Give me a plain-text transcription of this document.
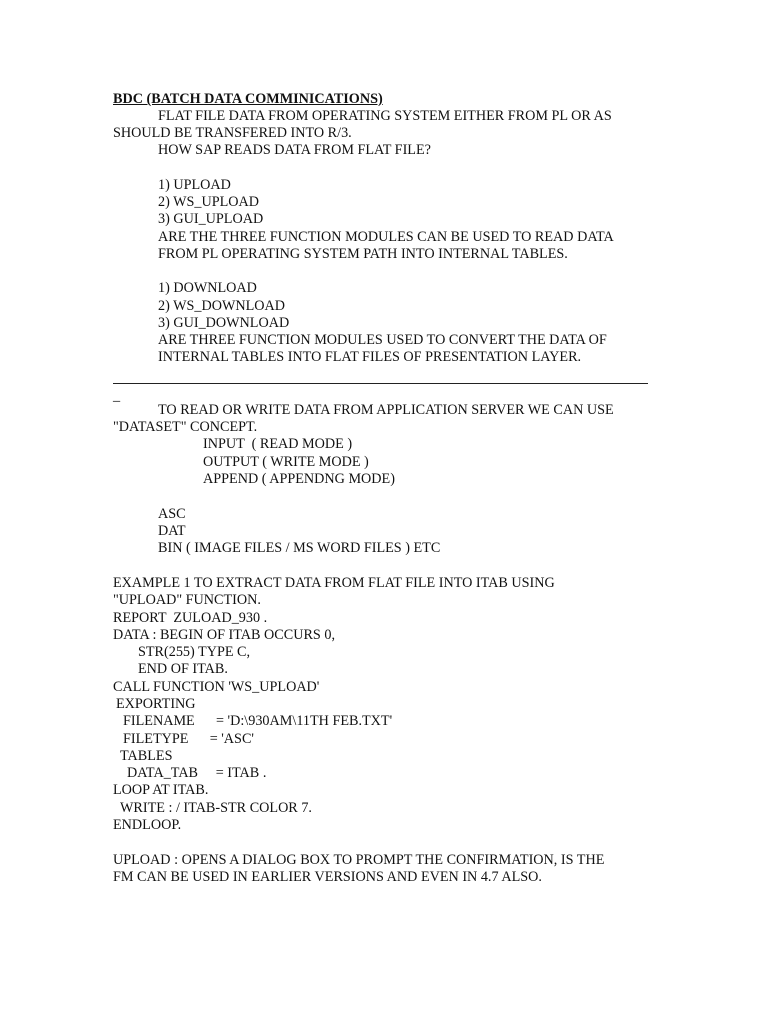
BDC (BATCH DATA COMMINICATIONS)
FLAT FILE DATA FROM OPERATING SYSTEM EITHER FROM PL OR AS
SHOULD BE TRANSFERED INTO R/3.
HOW SAP READS DATA FROM FLAT FILE?
1) UPLOAD
2) WS_UPLOAD
3) GUI_UPLOAD
ARE THE THREE FUNCTION MODULES CAN BE USED TO READ DATA
FROM PL OPERATING SYSTEM PATH INTO INTERNAL TABLES.
1) DOWNLOAD
2) WS_DOWNLOAD
3) GUI_DOWNLOAD
ARE THREE FUNCTION MODULES USED TO CONVERT THE DATA OF
INTERNAL TABLES INTO FLAT FILES OF PRESENTATION LAYER.
_
TO READ OR WRITE DATA FROM APPLICATION SERVER WE CAN USE
"DATASET" CONCEPT.
INPUT  ( READ MODE )
OUTPUT ( WRITE MODE )
APPEND ( APPENDNG MODE)
ASC
DAT
BIN ( IMAGE FILES / MS WORD FILES ) ETC
EXAMPLE 1 TO EXTRACT DATA FROM FLAT FILE INTO ITAB USING
"UPLOAD" FUNCTION.
REPORT  ZULOAD_930 .
DATA : BEGIN OF ITAB OCCURS 0,
STR(255) TYPE C,
END OF ITAB.
CALL FUNCTION 'WS_UPLOAD'
EXPORTING
FILENAME      = 'D:\930AM\11TH FEB.TXT'
FILETYPE      = 'ASC'
TABLES
DATA_TAB     = ITAB .
LOOP AT ITAB.
WRITE : / ITAB-STR COLOR 7.
ENDLOOP.
UPLOAD : OPENS A DIALOG BOX TO PROMPT THE CONFIRMATION, IS THE
FM CAN BE USED IN EARLIER VERSIONS AND EVEN IN 4.7 ALSO.
